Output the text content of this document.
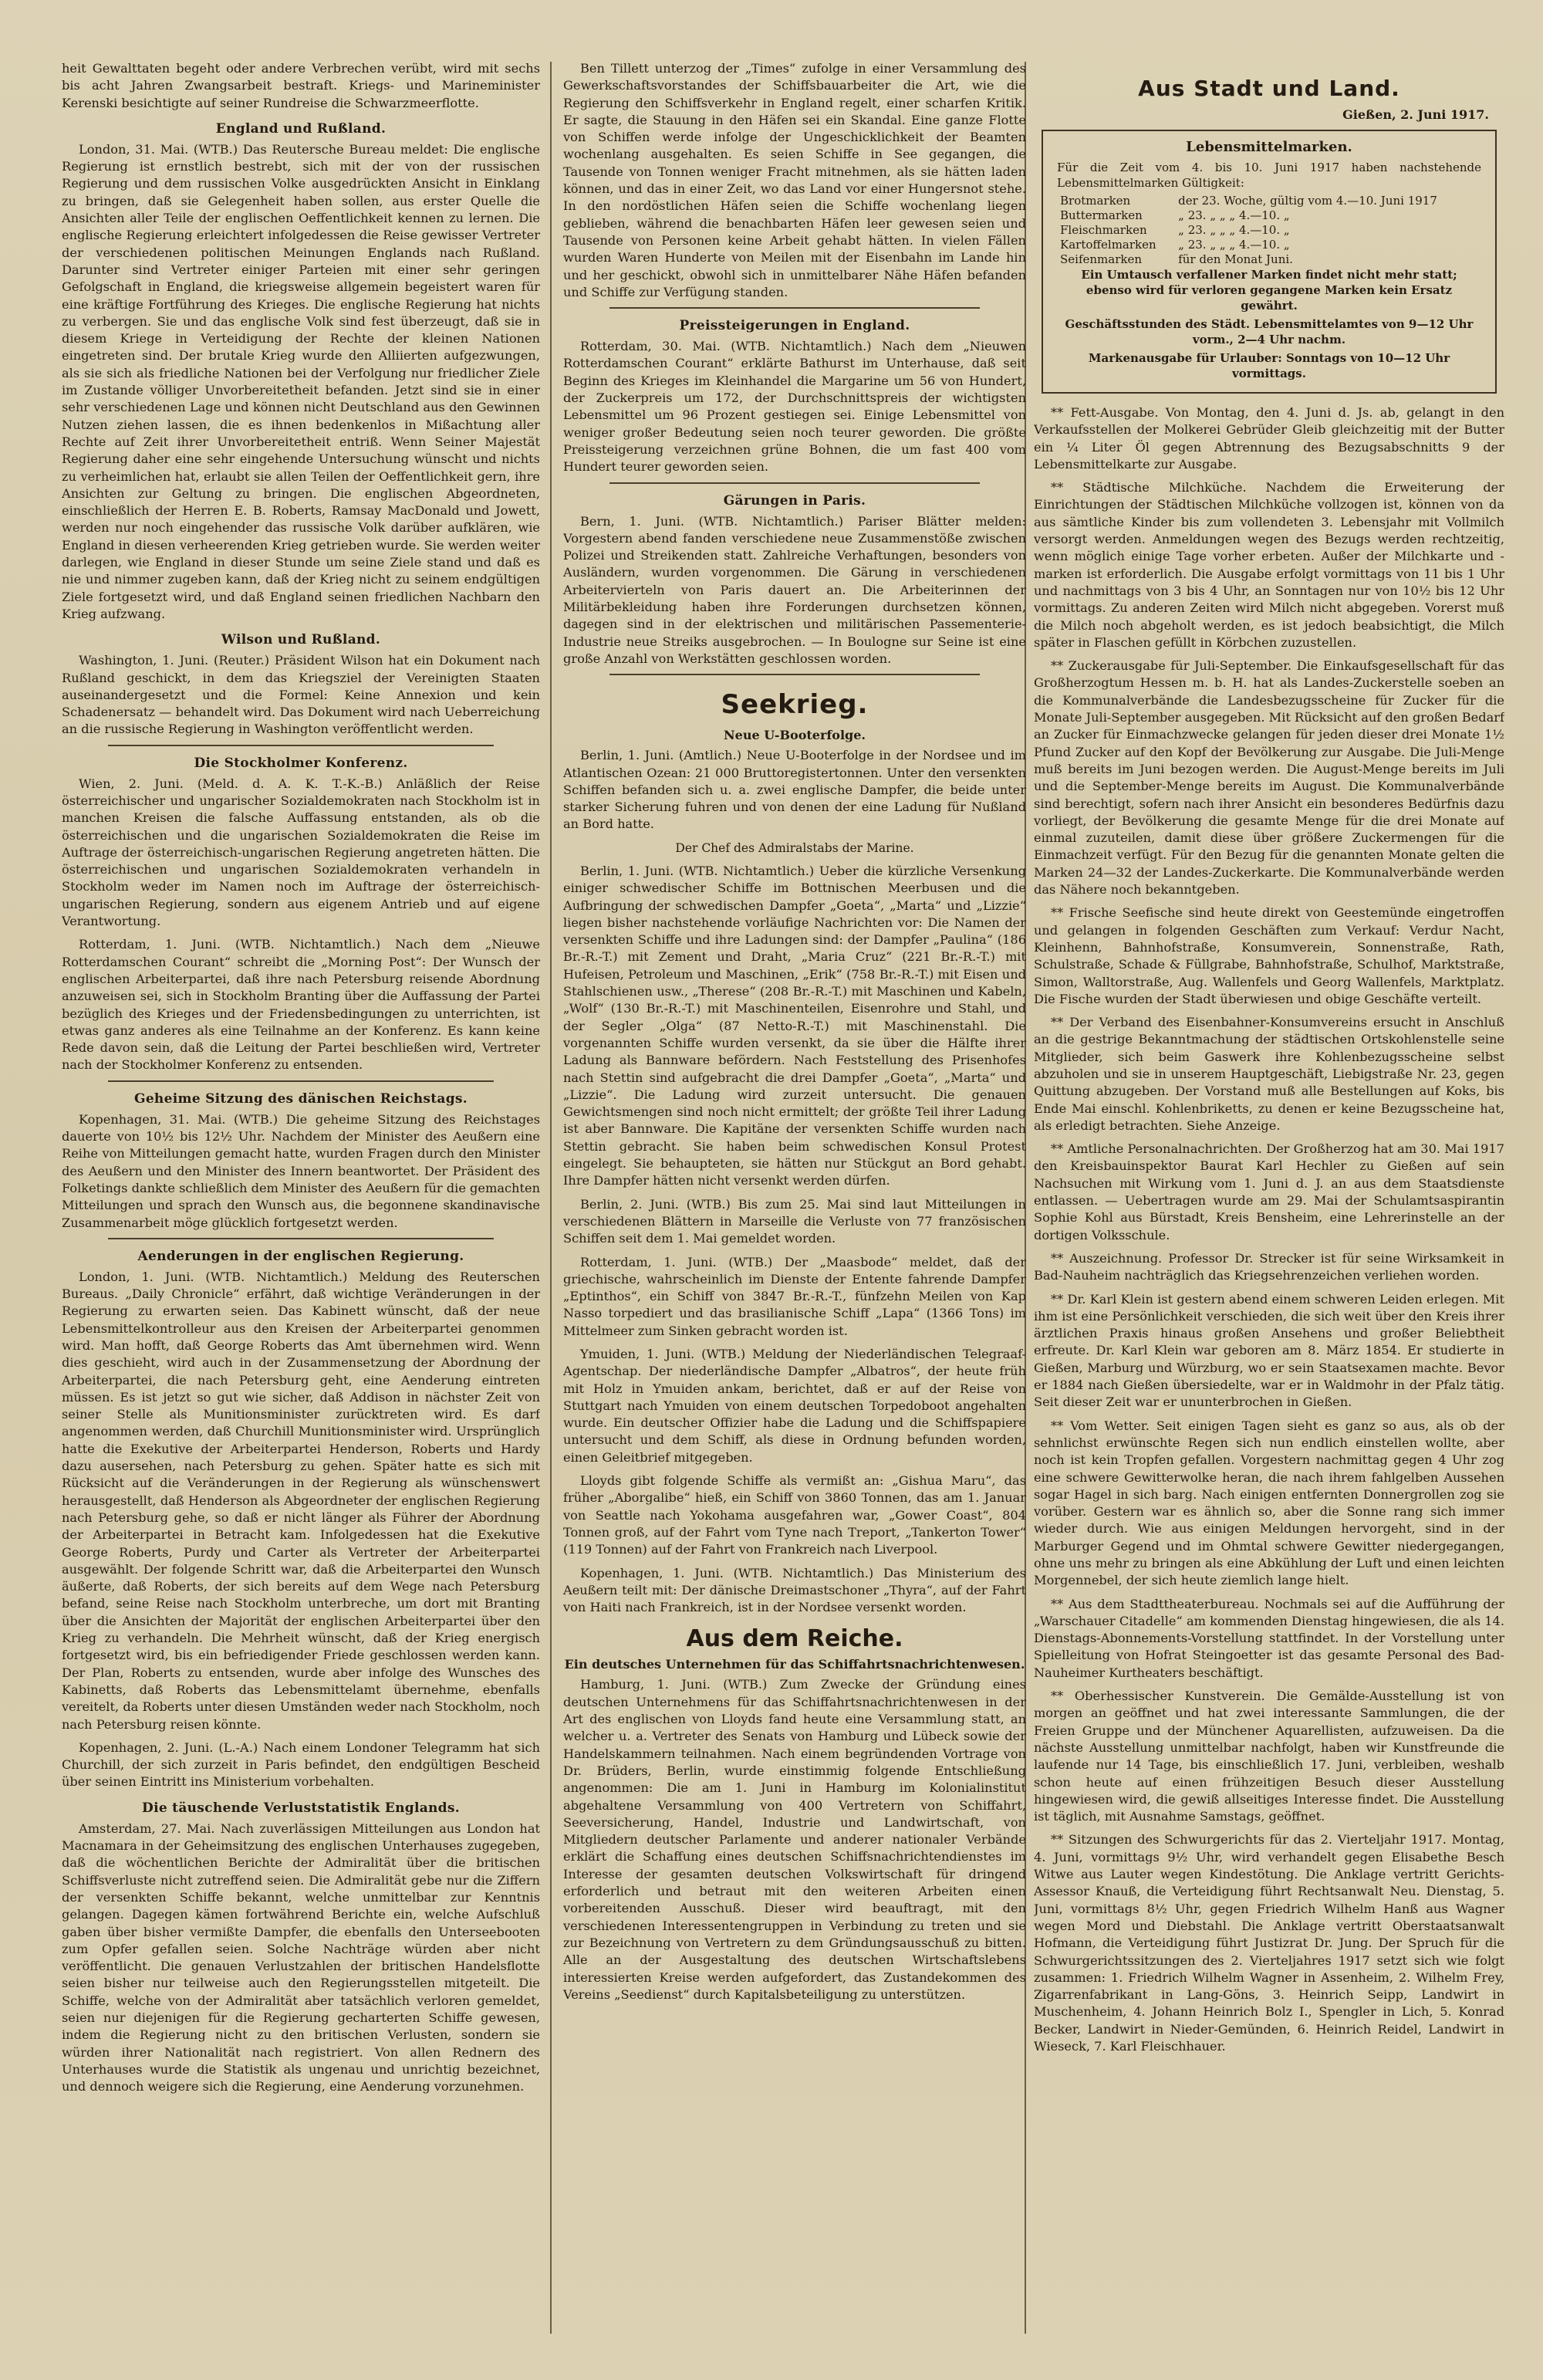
heit Gewalttaten begeht oder andere Verbrechen verübt, wird mit sechs bis acht Jahren Zwangsarbeit bestraft. Kriegs- und Marineminister Kerenski besichtigte auf seiner Rundreise die Schwarzmeerflotte.

England und Rußland.

London, 31. Mai. (WTB.) Das Reutersche Bureau meldet: Die englische Regierung ist ernstlich bestrebt, sich mit der von der russischen Regierung und dem russischen Volke ausgedrückten Ansicht in Einklang zu bringen, daß sie Gelegenheit haben sollen, aus erster Quelle die Ansichten aller Teile der englischen Oeffentlichkeit kennen zu lernen. Die englische Regierung erleichtert infolgedessen die Reise gewisser Vertreter der verschiedenen politischen Meinungen Englands nach Rußland. Darunter sind Vertreter einiger Parteien mit einer sehr geringen Gefolgschaft in England, die kriegsweise allgemein begeistert waren für eine kräftige Fortführung des Krieges. Die englische Regierung hat nichts zu verbergen. Sie und das englische Volk sind fest überzeugt, daß sie in diesem Kriege in Verteidigung der Rechte der kleinen Nationen eingetreten sind. Der brutale Krieg wurde den Alliierten aufgezwungen, als sie sich als friedliche Nationen bei der Verfolgung nur friedlicher Ziele im Zustande völliger Unvorbereitetheit befanden. Jetzt sind sie in einer sehr verschiedenen Lage und können nicht Deutschland aus den Gewinnen Nutzen ziehen lassen, die es ihnen bedenkenlos in Mißachtung aller Rechte auf Zeit ihrer Unvorbereitetheit entriß. Wenn Seiner Majestät Regierung daher eine sehr eingehende Untersuchung wünscht und nichts zu verheimlichen hat, erlaubt sie allen Teilen der Oeffentlichkeit gern, ihre Ansichten zur Geltung zu bringen. Die englischen Abgeordneten, einschließlich der Herren E. B. Roberts, Ramsay MacDonald und Jowett, werden nur noch eingehender das russische Volk darüber aufklären, wie England in diesen verheerenden Krieg getrieben wurde. Sie werden weiter darlegen, wie England in dieser Stunde um seine Ziele stand und daß es nie und nimmer zugeben kann, daß der Krieg nicht zu seinem endgültigen Ziele fortgesetzt wird, und daß England seinen friedlichen Nachbarn den Krieg aufzwang.

Wilson und Rußland.

Washington, 1. Juni. (Reuter.) Präsident Wilson hat ein Dokument nach Rußland geschickt, in dem das Kriegsziel der Vereinigten Staaten auseinandergesetzt und die Formel: Keine Annexion und kein Schadenersatz — behandelt wird. Das Dokument wird nach Ueberreichung an die russische Regierung in Washington veröffentlicht werden.

Die Stockholmer Konferenz.

Wien, 2. Juni. (Meld. d. A. K. T.-K.-B.) Anläßlich der Reise österreichischer und ungarischer Sozialdemokraten nach Stockholm ist in manchen Kreisen die falsche Auffassung entstanden, als ob die österreichischen und die ungarischen Sozialdemokraten die Reise im Auftrage der österreichisch-ungarischen Regierung angetreten hätten. Die österreichischen und ungarischen Sozialdemokraten verhandeln in Stockholm weder im Namen noch im Auftrage der österreichisch-ungarischen Regierung, sondern aus eigenem Antrieb und auf eigene Verantwortung.

Rotterdam, 1. Juni. (WTB. Nichtamtlich.) Nach dem „Nieuwe Rotterdamschen Courant“ schreibt die „Morning Post“: Der Wunsch der englischen Arbeiterpartei, daß ihre nach Petersburg reisende Abordnung anzuweisen sei, sich in Stockholm Branting über die Auffassung der Partei bezüglich des Krieges und der Friedensbedingungen zu unterrichten, ist etwas ganz anderes als eine Teilnahme an der Konferenz. Es kann keine Rede davon sein, daß die Leitung der Partei beschließen wird, Vertreter nach der Stockholmer Konferenz zu entsenden.

Geheime Sitzung des dänischen Reichstags.

Kopenhagen, 31. Mai. (WTB.) Die geheime Sitzung des Reichstages dauerte von 10½ bis 12½ Uhr. Nachdem der Minister des Aeußern eine Reihe von Mitteilungen gemacht hatte, wurden Fragen durch den Minister des Aeußern und den Minister des Innern beantwortet. Der Präsident des Folketings dankte schließlich dem Minister des Aeußern für die gemachten Mitteilungen und sprach den Wunsch aus, die begonnene skandinavische Zusammenarbeit möge glücklich fortgesetzt werden.

Aenderungen in der englischen Regierung.

London, 1. Juni. (WTB. Nichtamtlich.) Meldung des Reuterschen Bureaus. „Daily Chronicle“ erfährt, daß wichtige Veränderungen in der Regierung zu erwarten seien. Das Kabinett wünscht, daß der neue Lebensmittelkontrolleur aus den Kreisen der Arbeiterpartei genommen wird. Man hofft, daß George Roberts das Amt übernehmen wird. Wenn dies geschieht, wird auch in der Zusammensetzung der Abordnung der Arbeiterpartei, die nach Petersburg geht, eine Aenderung eintreten müssen. Es ist jetzt so gut wie sicher, daß Addison in nächster Zeit von seiner Stelle als Munitionsminister zurücktreten wird. Es darf angenommen werden, daß Churchill Munitionsminister wird. Ursprünglich hatte die Exekutive der Arbeiterpartei Henderson, Roberts und Hardy dazu ausersehen, nach Petersburg zu gehen. Später hatte es sich mit Rücksicht auf die Veränderungen in der Regierung als wünschenswert herausgestellt, daß Henderson als Abgeordneter der englischen Regierung nach Petersburg gehe, so daß er nicht länger als Führer der Abordnung der Arbeiterpartei in Betracht kam. Infolgedessen hat die Exekutive George Roberts, Purdy und Carter als Vertreter der Arbeiterpartei ausgewählt. Der folgende Schritt war, daß die Arbeiterpartei den Wunsch äußerte, daß Roberts, der sich bereits auf dem Wege nach Petersburg befand, seine Reise nach Stockholm unterbreche, um dort mit Branting über die Ansichten der Majorität der englischen Arbeiterpartei über den Krieg zu verhandeln. Die Mehrheit wünscht, daß der Krieg energisch fortgesetzt wird, bis ein befriedigender Friede geschlossen werden kann. Der Plan, Roberts zu entsenden, wurde aber infolge des Wunsches des Kabinetts, daß Roberts das Lebensmittelamt übernehme, ebenfalls vereitelt, da Roberts unter diesen Umständen weder nach Stockholm, noch nach Petersburg reisen könnte.

Kopenhagen, 2. Juni. (L.-A.) Nach einem Londoner Telegramm hat sich Churchill, der sich zurzeit in Paris befindet, den endgültigen Bescheid über seinen Eintritt ins Ministerium vorbehalten.

Die täuschende Verluststatistik Englands.

Amsterdam, 27. Mai. Nach zuverlässigen Mitteilungen aus London hat Macnamara in der Geheimsitzung des englischen Unterhauses zugegeben, daß die wöchentlichen Berichte der Admiralität über die britischen Schiffsverluste nicht zutreffend seien. Die Admiralität gebe nur die Ziffern der versenkten Schiffe bekannt, welche unmittelbar zur Kenntnis gelangen. Dagegen kämen fortwährend Berichte ein, welche Aufschluß gaben über bisher vermißte Dampfer, die ebenfalls den Unterseebooten zum Opfer gefallen seien. Solche Nachträge würden aber nicht veröffentlicht. Die genauen Verlustzahlen der britischen Handelsflotte seien bisher nur teilweise auch den Regierungsstellen mitgeteilt. Die Schiffe, welche von der Admiralität aber tatsächlich verloren gemeldet, seien nur diejenigen für die Regierung gecharterten Schiffe gewesen, indem die Regierung nicht zu den britischen Verlusten, sondern sie würden ihrer Nationalität nach registriert. Von allen Rednern des Unterhauses wurde die Statistik als ungenau und unrichtig bezeichnet, und dennoch weigere sich die Regierung, eine Aenderung vorzunehmen.

Ben Tillett unterzog der „Times“ zufolge in einer Versammlung des Gewerkschaftsvorstandes der Schiffsbauarbeiter die Art, wie die Regierung den Schiffsverkehr in England regelt, einer scharfen Kritik. Er sagte, die Stauung in den Häfen sei ein Skandal. Eine ganze Flotte von Schiffen werde infolge der Ungeschicklichkeit der Beamten wochenlang ausgehalten. Es seien Schiffe in See gegangen, die Tausende von Tonnen weniger Fracht mitnehmen, als sie hätten laden können, und das in einer Zeit, wo das Land vor einer Hungersnot stehe. In den nordöstlichen Häfen seien die Schiffe wochenlang liegen geblieben, während die benachbarten Häfen leer gewesen seien und Tausende von Personen keine Arbeit gehabt hätten. In vielen Fällen wurden Waren Hunderte von Meilen mit der Eisenbahn im Lande hin und her geschickt, obwohl sich in unmittelbarer Nähe Häfen befanden und Schiffe zur Verfügung standen.

Preissteigerungen in England.

Rotterdam, 30. Mai. (WTB. Nichtamtlich.) Nach dem „Nieuwen Rotterdamschen Courant“ erklärte Bathurst im Unterhause, daß seit Beginn des Krieges im Kleinhandel die Margarine um 56 von Hundert, der Zuckerpreis um 172, der Durchschnittspreis der wichtigsten Lebensmittel um 96 Prozent gestiegen sei. Einige Lebensmittel von weniger großer Bedeutung seien noch teurer geworden. Die größte Preissteigerung verzeichnen grüne Bohnen, die um fast 400 vom Hundert teurer geworden seien.

Gärungen in Paris.

Bern, 1. Juni. (WTB. Nichtamtlich.) Pariser Blätter melden: Vorgestern abend fanden verschiedene neue Zusammenstöße zwischen Polizei und Streikenden statt. Zahlreiche Verhaftungen, besonders von Ausländern, wurden vorgenommen. Die Gärung in verschiedenen Arbeitervierteln von Paris dauert an. Die Arbeiterinnen der Militärbekleidung haben ihre Forderungen durchsetzen können, dagegen sind in der elektrischen und militärischen Passementerie-Industrie neue Streiks ausgebrochen. — In Boulogne sur Seine ist eine große Anzahl von Werkstätten geschlossen worden.

Seekrieg.
Neue U-Booterfolge.

Berlin, 1. Juni. (Amtlich.) Neue U-Booterfolge in der Nordsee und im Atlantischen Ozean: 21 000 Bruttoregistertonnen. Unter den versenkten Schiffen befanden sich u. a. zwei englische Dampfer, die beide unter starker Sicherung fuhren und von denen der eine Ladung für Nußland an Bord hatte.

Der Chef des Admiralstabs der Marine.

Berlin, 1. Juni. (WTB. Nichtamtlich.) Ueber die kürzliche Versenkung einiger schwedischer Schiffe im Bottnischen Meerbusen und die Aufbringung der schwedischen Dampfer „Goeta“, „Marta“ und „Lizzie“ liegen bisher nachstehende vorläufige Nachrichten vor: Die Namen der versenkten Schiffe und ihre Ladungen sind: der Dampfer „Paulina“ (186 Br.-R.-T.) mit Zement und Draht, „Maria Cruz“ (221 Br.-R.-T.) mit Hufeisen, Petroleum und Maschinen, „Erik“ (758 Br.-R.-T.) mit Eisen und Stahlschienen usw., „Therese“ (208 Br.-R.-T.) mit Maschinen und Kabeln, „Wolf“ (130 Br.-R.-T.) mit Maschinenteilen, Eisenrohre und Stahl, und der Segler „Olga“ (87 Netto-R.-T.) mit Maschinenstahl. Die vorgenannten Schiffe wurden versenkt, da sie über die Hälfte ihrer Ladung als Bannware befördern. Nach Feststellung des Prisenhofes nach Stettin sind aufgebracht die drei Dampfer „Goeta“, „Marta“ und „Lizzie“. Die Ladung wird zurzeit untersucht. Die genauen Gewichtsmengen sind noch nicht ermittelt; der größte Teil ihrer Ladung ist aber Bannware. Die Kapitäne der versenkten Schiffe wurden nach Stettin gebracht. Sie haben beim schwedischen Konsul Protest eingelegt. Sie behaupteten, sie hätten nur Stückgut an Bord gehabt. Ihre Dampfer hätten nicht versenkt werden dürfen.

Berlin, 2. Juni. (WTB.) Bis zum 25. Mai sind laut Mitteilungen in verschiedenen Blättern in Marseille die Verluste von 77 französischen Schiffen seit dem 1. Mai gemeldet worden.

Rotterdam, 1. Juni. (WTB.) Der „Maasbode“ meldet, daß der griechische, wahrscheinlich im Dienste der Entente fahrende Dampfer „Eptinthos“, ein Schiff von 3847 Br.-R.-T., fünfzehn Meilen von Kap Nasso torpediert und das brasilianische Schiff „Lapa“ (1366 Tons) im Mittelmeer zum Sinken gebracht worden ist.

Ymuiden, 1. Juni. (WTB.) Meldung der Niederländischen Telegraaf-Agentschap. Der niederländische Dampfer „Albatros“, der heute früh mit Holz in Ymuiden ankam, berichtet, daß er auf der Reise von Stuttgart nach Ymuiden von einem deutschen Torpedoboot angehalten wurde. Ein deutscher Offizier habe die Ladung und die Schiffspapiere untersucht und dem Schiff, als diese in Ordnung befunden worden, einen Geleitbrief mitgegeben.

Lloyds gibt folgende Schiffe als vermißt an: „Gishua Maru“, das früher „Aborgalibe“ hieß, ein Schiff von 3860 Tonnen, das am 1. Januar von Seattle nach Yokohama ausgefahren war, „Gower Coast“, 804 Tonnen groß, auf der Fahrt vom Tyne nach Treport, „Tankerton Tower“ (119 Tonnen) auf der Fahrt von Frankreich nach Liverpool.

Kopenhagen, 1. Juni. (WTB. Nichtamtlich.) Das Ministerium des Aeußern teilt mit: Der dänische Dreimastschoner „Thyra“, auf der Fahrt von Haiti nach Frankreich, ist in der Nordsee versenkt worden.

Aus dem Reiche.
Ein deutsches Unternehmen für das Schiffahrtsnachrichtenwesen.

Hamburg, 1. Juni. (WTB.) Zum Zwecke der Gründung eines deutschen Unternehmens für das Schiffahrtsnachrichtenwesen in der Art des englischen von Lloyds fand heute eine Versammlung statt, an welcher u. a. Vertreter des Senats von Hamburg und Lübeck sowie der Handelskammern teilnahmen. Nach einem begründenden Vortrage von Dr. Brüders, Berlin, wurde einstimmig folgende Entschließung angenommen: Die am 1. Juni in Hamburg im Kolonialinstitut abgehaltene Versammlung von 400 Vertretern von Schiffahrt, Seeversicherung, Handel, Industrie und Landwirtschaft, von Mitgliedern deutscher Parlamente und anderer nationaler Verbände erklärt die Schaffung eines deutschen Schiffsnachrichtendienstes im Interesse der gesamten deutschen Volkswirtschaft für dringend erforderlich und betraut mit den weiteren Arbeiten einen vorbereitenden Ausschuß. Dieser wird beauftragt, mit den verschiedenen Interessentengruppen in Verbindung zu treten und sie zur Bezeichnung von Vertretern zu dem Gründungsausschuß zu bitten. Alle an der Ausgestaltung des deutschen Wirtschaftslebens interessierten Kreise werden aufgefordert, das Zustandekommen des Vereins „Seedienst“ durch Kapitalsbeteiligung zu unterstützen.

Aus Stadt und Land.
Gießen, 2. Juni 1917.
Lebensmittelmarken.

Für die Zeit vom 4. bis 10. Juni 1917 haben nachstehende Lebensmittelmarken Gültigkeit:

Brotmarken	der 23. Woche, gültig vom 4.—10. Juni 1917
Buttermarken	„ 23. „ „ „ 4.—10. „
Fleischmarken	„ 23. „ „ „ 4.—10. „
Kartoffelmarken	„ 23. „ „ „ 4.—10. „
Seifenmarken	für den Monat Juni.

Ein Umtausch verfallener Marken findet nicht mehr statt; ebenso wird für verloren gegangene Marken kein Ersatz gewährt.

Geschäftsstunden des Städt. Lebensmittelamtes von 9—12 Uhr vorm., 2—4 Uhr nachm.

Markenausgabe für Urlauber: Sonntags von 10—12 Uhr vormittags.

** Fett-Ausgabe. Von Montag, den 4. Juni d. Js. ab, gelangt in den Verkaufsstellen der Molkerei Gebrüder Gleib gleichzeitig mit der Butter ein ¼ Liter Öl gegen Abtrennung des Bezugsabschnitts 9 der Lebensmittelkarte zur Ausgabe.

** Städtische Milchküche. Nachdem die Erweiterung der Einrichtungen der Städtischen Milchküche vollzogen ist, können von da aus sämtliche Kinder bis zum vollendeten 3. Lebensjahr mit Vollmilch versorgt werden. Anmeldungen wegen des Bezugs werden rechtzeitig, wenn möglich einige Tage vorher erbeten. Außer der Milchkarte und -marken ist erforderlich. Die Ausgabe erfolgt vormittags von 11 bis 1 Uhr und nachmittags von 3 bis 4 Uhr, an Sonntagen nur von 10½ bis 12 Uhr vormittags. Zu anderen Zeiten wird Milch nicht abgegeben. Vorerst muß die Milch noch abgeholt werden, es ist jedoch beabsichtigt, die Milch später in Flaschen gefüllt in Körbchen zuzustellen.

** Zuckerausgabe für Juli-September. Die Einkaufsgesellschaft für das Großherzogtum Hessen m. b. H. hat als Landes-Zuckerstelle soeben an die Kommunalverbände die Landesbezugsscheine für Zucker für die Monate Juli-September ausgegeben. Mit Rücksicht auf den großen Bedarf an Zucker für Einmachzwecke gelangen für jeden dieser drei Monate 1½ Pfund Zucker auf den Kopf der Bevölkerung zur Ausgabe. Die Juli-Menge muß bereits im Juni bezogen werden. Die August-Menge bereits im Juli und die September-Menge bereits im August. Die Kommunalverbände sind berechtigt, sofern nach ihrer Ansicht ein besonderes Bedürfnis dazu vorliegt, der Bevölkerung die gesamte Menge für die drei Monate auf einmal zuzuteilen, damit diese über größere Zuckermengen für die Einmachzeit verfügt. Für den Bezug für die genannten Monate gelten die Marken 24—32 der Landes-Zuckerkarte. Die Kommunalverbände werden das Nähere noch bekanntgeben.

** Frische Seefische sind heute direkt von Geestemünde eingetroffen und gelangen in folgenden Geschäften zum Verkauf: Verdur Nacht, Kleinhenn, Bahnhofstraße, Konsumverein, Sonnenstraße, Rath, Schulstraße, Schade & Füllgrabe, Bahnhofstraße, Schulhof, Marktstraße, Simon, Walltorstraße, Aug. Wallenfels und Georg Wallenfels, Marktplatz. Die Fische wurden der Stadt überwiesen und obige Geschäfte verteilt.

** Der Verband des Eisenbahner-Konsumvereins ersucht in Anschluß an die gestrige Bekanntmachung der städtischen Ortskohlenstelle seine Mitglieder, sich beim Gaswerk ihre Kohlenbezugsscheine selbst abzuholen und sie in unserem Hauptgeschäft, Liebigstraße Nr. 23, gegen Quittung abzugeben. Der Vorstand muß alle Bestellungen auf Koks, bis Ende Mai einschl. Kohlenbriketts, zu denen er keine Bezugsscheine hat, als erledigt betrachten. Siehe Anzeige.

** Amtliche Personalnachrichten. Der Großherzog hat am 30. Mai 1917 den Kreisbauinspektor Baurat Karl Hechler zu Gießen auf sein Nachsuchen mit Wirkung vom 1. Juni d. J. an aus dem Staatsdienste entlassen. — Uebertragen wurde am 29. Mai der Schulamtsaspirantin Sophie Kohl aus Bürstadt, Kreis Bensheim, eine Lehrerinstelle an der dortigen Volksschule.

** Auszeichnung. Professor Dr. Strecker ist für seine Wirksamkeit in Bad-Nauheim nachträglich das Kriegsehrenzeichen verliehen worden.

** Dr. Karl Klein ist gestern abend einem schweren Leiden erlegen. Mit ihm ist eine Persönlichkeit verschieden, die sich weit über den Kreis ihrer ärztlichen Praxis hinaus großen Ansehens und großer Beliebtheit erfreute. Dr. Karl Klein war geboren am 8. März 1854. Er studierte in Gießen, Marburg und Würzburg, wo er sein Staatsexamen machte. Bevor er 1884 nach Gießen übersiedelte, war er in Waldmohr in der Pfalz tätig. Seit dieser Zeit war er ununterbrochen in Gießen.

** Vom Wetter. Seit einigen Tagen sieht es ganz so aus, als ob der sehnlichst erwünschte Regen sich nun endlich einstellen wollte, aber noch ist kein Tropfen gefallen. Vorgestern nachmittag gegen 4 Uhr zog eine schwere Gewitterwolke heran, die nach ihrem fahlgelben Aussehen sogar Hagel in sich barg. Nach einigen entfernten Donnergrollen zog sie vorüber. Gestern war es ähnlich so, aber die Sonne rang sich immer wieder durch. Wie aus einigen Meldungen hervorgeht, sind in der Marburger Gegend und im Ohmtal schwere Gewitter niedergegangen, ohne uns mehr zu bringen als eine Abkühlung der Luft und einen leichten Morgennebel, der sich heute ziemlich lange hielt.

** Aus dem Stadttheaterbureau. Nochmals sei auf die Aufführung der „Warschauer Citadelle“ am kommenden Dienstag hingewiesen, die als 14. Dienstags-Abonnements-Vorstellung stattfindet. In der Vorstellung unter Spielleitung von Hofrat Steingoetter ist das gesamte Personal des Bad-Nauheimer Kurtheaters beschäftigt.

** Oberhessischer Kunstverein. Die Gemälde-Ausstellung ist von morgen an geöffnet und hat zwei interessante Sammlungen, die der Freien Gruppe und der Münchener Aquarellisten, aufzuweisen. Da die nächste Ausstellung unmittelbar nachfolgt, haben wir Kunstfreunde die laufende nur 14 Tage, bis einschließlich 17. Juni, verbleiben, weshalb schon heute auf einen frühzeitigen Besuch dieser Ausstellung hingewiesen wird, die gewiß allseitiges Interesse findet. Die Ausstellung ist täglich, mit Ausnahme Samstags, geöffnet.

** Sitzungen des Schwurgerichts für das 2. Vierteljahr 1917. Montag, 4. Juni, vormittags 9½ Uhr, wird verhandelt gegen Elisabethe Besch Witwe aus Lauter wegen Kindestötung. Die Anklage vertritt Gerichts-Assessor Knauß, die Verteidigung führt Rechtsanwalt Neu. Dienstag, 5. Juni, vormittags 8½ Uhr, gegen Friedrich Wilhelm Hanß aus Wagner wegen Mord und Diebstahl. Die Anklage vertritt Oberstaatsanwalt Hofmann, die Verteidigung führt Justizrat Dr. Jung. Der Spruch für die Schwurgerichtssitzungen des 2. Vierteljahres 1917 setzt sich wie folgt zusammen: 1. Friedrich Wilhelm Wagner in Assenheim, 2. Wilhelm Frey, Zigarrenfabrikant in Lang-Göns, 3. Heinrich Seipp, Landwirt in Muschenheim, 4. Johann Heinrich Bolz I., Spengler in Lich, 5. Konrad Becker, Landwirt in Nieder-Gemünden, 6. Heinrich Reidel, Landwirt in Wieseck, 7. Karl Fleischhauer.
